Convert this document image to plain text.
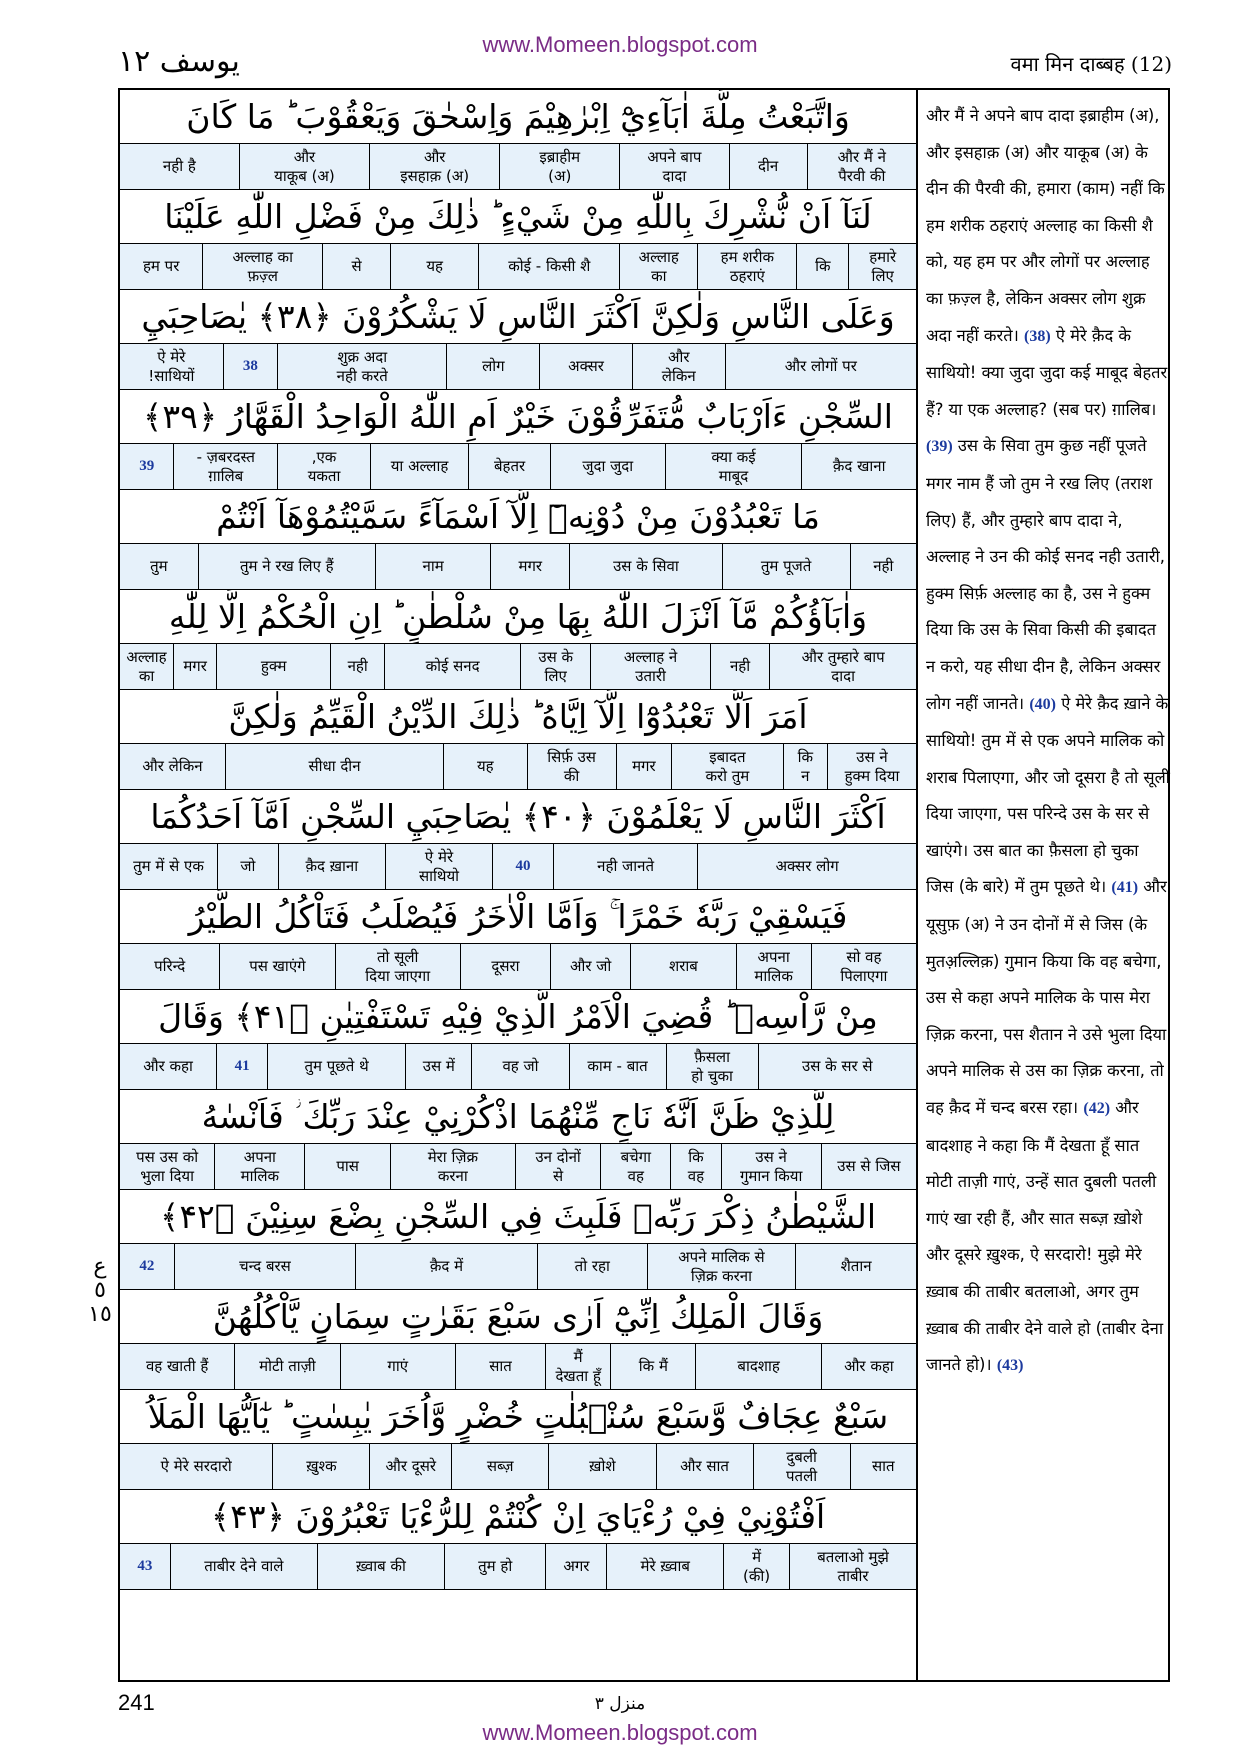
www.Momeen.blogspot.com
يوسف ١٢	वमा मिन दाब्बह (12)
وَاتَّبَعْتُ مِلَّةَ اٰبَآءِيْٓ اِبْرٰهِيْمَ وَاِسْحٰقَ وَيَعْقُوْبَ ؕ مَا كَانَ
और मैं ने
पैरवी की
दीन
अपने बाप
दादा
इब्राहीम
(अ)
और
इसहाक़ (अ)
और
याकूब (अ)
नही है
لَنَآ اَنْ نُّشْرِكَ بِاللّٰهِ مِنْ شَيْءٍ ؕ ذٰلِكَ مِنْ فَضْلِ اللّٰهِ عَلَيْنَا
हमारे
लिए
कि
हम शरीक
ठहराएं
अल्लाह
का
कोई - किसी शै
यह
से
अल्लाह का
फ़ज़्ल
हम पर
وَعَلَى النَّاسِ وَلٰكِنَّ اَكْثَرَ النَّاسِ لَا يَشْكُرُوْنَ ﴿۳۸﴾ يٰصَاحِبَيِ
और लोगों पर
और
लेकिन
अक्सर
लोग
शुक्र अदा
नही करते
38
ऐ मेरे
साथियों!
السِّجْنِ ءَاَرْبَابٌ مُّتَفَرِّقُوْنَ خَيْرٌ اَمِ اللّٰهُ الْوَاحِدُ الْقَهَّارُ ﴿۳۹﴾
क़ैद खाना
क्या कई
माबूद
जुदा जुदा
बेहतर
या अल्लाह
एक,
यकता
ज़बरदस्त -
ग़ालिब
39
مَا تَعْبُدُوْنَ مِنْ دُوْنِهٖٓ اِلَّآ اَسْمَآءً سَمَّيْتُمُوْهَآ اَنْتُمْ
नही
तुम पूजते
उस के सिवा
मगर
नाम
तुम ने रख लिए हैं
तुम
وَاٰبَآؤُكُمْ مَّآ اَنْزَلَ اللّٰهُ بِهَا مِنْ سُلْطٰنٍ ؕ اِنِ الْحُكْمُ اِلَّا لِلّٰهِ
और तुम्हारे बाप
दादा
नही
अल्लाह ने
उतारी
उस के
लिए
कोई सनद
नही
हुक्म
मगर
अल्लाह
का
اَمَرَ اَلَّا تَعْبُدُوْٓا اِلَّآ اِيَّاهُ ؕ ذٰلِكَ الدِّيْنُ الْقَيِّمُ وَلٰكِنَّ
उस ने
हुक्म दिया
कि
न
इबादत
करो तुम
मगर
सिर्फ़ उस
की
यह
सीधा दीन
और लेकिन
اَكْثَرَ النَّاسِ لَا يَعْلَمُوْنَ ﴿۴۰﴾ يٰصَاحِبَيِ السِّجْنِ اَمَّآ اَحَدُكُمَا
अक्सर लोग
नही जानते
40
ऐ मेरे
साथियो
क़ैद ख़ाना
जो
तुम में से एक
فَيَسْقِيْ رَبَّهٗ خَمْرًا ۚ وَاَمَّا الْاٰخَرُ فَيُصْلَبُ فَتَاْكُلُ الطَّيْرُ
सो वह
पिलाएगा
अपना
मालिक
शराब
और जो
दूसरा
तो सूली
दिया जाएगा
पस खाएंगे
परिन्दे
مِنْ رَّاْسِهٖ ؕ قُضِيَ الْاَمْرُ الَّذِيْ فِيْهِ تَسْتَفْتِيٰنِ ﴿۴۱﴾ وَقَالَ
उस के सर से
फ़ैसला
हो चुका
काम - बात
वह जो
उस में
तुम पूछते थे
41
और कहा
لِلَّذِيْ ظَنَّ اَنَّهٗ نَاجٍ مِّنْهُمَا اذْكُرْنِيْ عِنْدَ رَبِّكَ ؗ فَاَنْسٰهُ
उस से जिस
उस ने
गुमान किया
कि
वह
बचेगा
वह
उन दोनों
से
मेरा ज़िक्र
करना
पास
अपना
मालिक
पस उस को
भुला दिया
الشَّيْطٰنُ ذِكْرَ رَبِّهٖ فَلَبِثَ فِي السِّجْنِ بِضْعَ سِنِيْنَ ﴿۴۲﴾
शैतान
अपने मालिक से
ज़िक्र करना
तो रहा
क़ैद में
चन्द बरस
42
وَقَالَ الْمَلِكُ اِنِّيْٓ اَرٰى سَبْعَ بَقَرٰتٍ سِمَانٍ يَّاْكُلُهُنَّ
और कहा
बादशाह
कि मैं
मैं
देखता हूँ
सात
गाएं
मोटी ताज़ी
वह खाती हैं
سَبْعٌ عِجَافٌ وَّسَبْعَ سُنْۢبُلٰتٍ خُضْرٍ وَّاُخَرَ يٰبِسٰتٍ ؕ يٰٓاَيُّهَا الْمَلَاُ
सात
दुबली
पतली
और सात
ख़ोशे
सब्ज़
और दूसरे
ख़ुश्क
ऐ मेरे सरदारो
اَفْتُوْنِيْ فِيْ رُءْيَايَ اِنْ كُنْتُمْ لِلرُّءْيَا تَعْبُرُوْنَ ﴿۴۳﴾
बतलाओ मुझे
ताबीर
में
(की)
मेरे ख़्वाब
अगर
तुम हो
ख़्वाब की
ताबीर देने वाले
43
और मैं ने अपने बाप दादा इब्राहीम (अ), और इसहाक़ (अ) और याकूब (अ) के दीन की पैरवी की, हमारा (काम) नहीं कि हम शरीक ठहराएं अल्लाह का किसी शै को, यह हम पर और लोगों पर अल्लाह का फ़ज़्ल है, लेकिन अक्सर लोग शुक्र अदा नहीं करते। (38) ऐ मेरे क़ैद के साथियो! क्या जुदा जुदा कई माबूद बेहतर हैं? या एक अल्लाह? (सब पर) ग़ालिब। (39) उस के सिवा तुम कुछ नहीं पूजते मगर नाम हैं जो तुम ने रख लिए (तराश लिए) हैं, और तुम्हारे बाप दादा ने, अल्लाह ने उन की कोई सनद नही उतारी, हुक्म सिर्फ़ अल्लाह का है, उस ने हुक्म दिया कि उस के सिवा किसी की इबादत न करो, यह सीधा दीन है, लेकिन अक्सर लोग नहीं जानते। (40) ऐ मेरे क़ैद ख़ाने के साथियो! तुम में से एक अपने मालिक को शराब पिलाएगा, और जो दूसरा है तो सूली दिया जाएगा, पस परिन्दे उस के सर से खाएंगे। उस बात का फ़ैसला हो चुका जिस (के बारे) में तुम पूछते थे। (41) और यूसुफ़ (अ) ने उन दोनों में से जिस (के मुतअ़ल्लिक़) गुमान किया कि वह बचेगा, उस से कहा अपने मालिक के पास मेरा ज़िक्र करना, पस शैतान ने उसे भुला दिया अपने मालिक से उस का ज़िक्र करना, तो वह क़ैद में चन्द बरस रहा। (42) और बादशाह ने कहा कि मैं देखता हूँ सात मोटी ताज़ी गाएं, उन्हें सात दुबली पतली गाएं खा रही हैं, और सात सब्ज़ ख़ोशे और दूसरे ख़ुश्क, ऐ सरदारो! मुझे मेरे ख़्वाब की ताबीर बतलाओ, अगर तुम ख़्वाब की ताबीर देने वाले हो (ताबीर देना जानते हो)। (43)
ع
٥
١٥
241	منزل ٣
www.Momeen.blogspot.com
